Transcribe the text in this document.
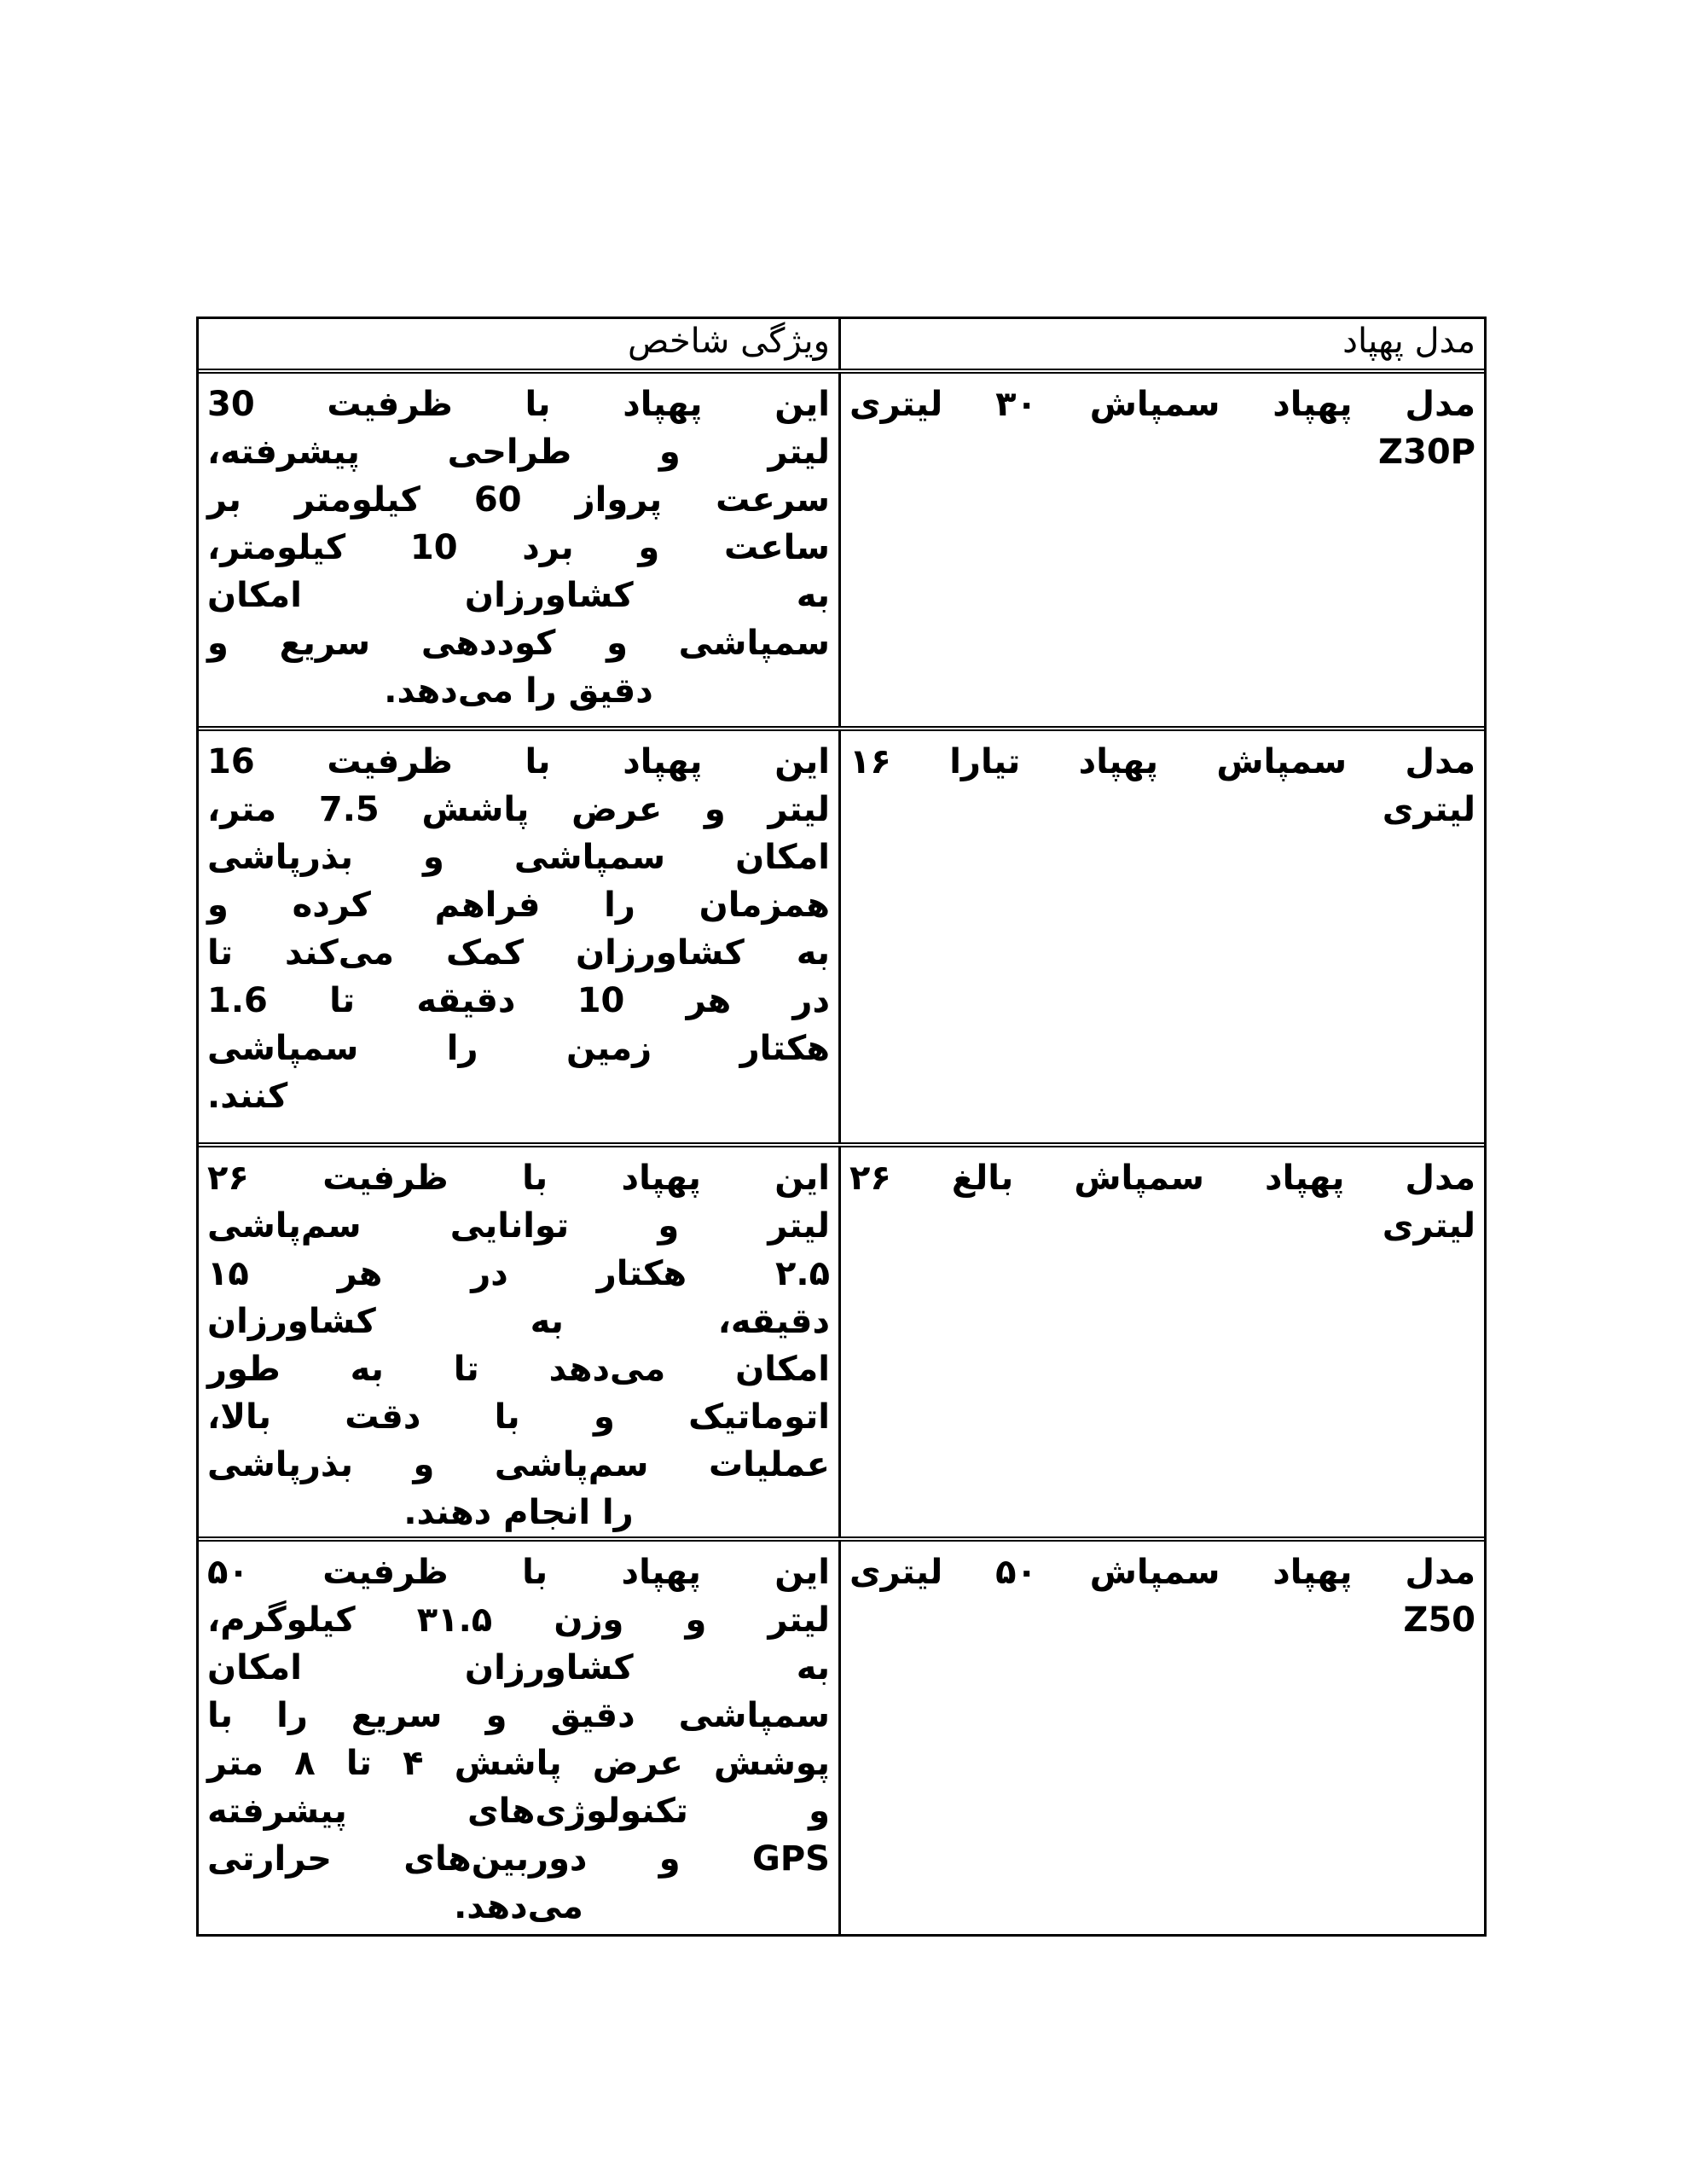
مدل پهپاد
ویژگی شاخص
مدل پهپاد سمپاش ۳۰ لیتری
Z30P
این پهپاد با ظرفیت 30
لیتر و طراحی پیشرفته،
سرعت پرواز 60 کیلومتر بر
ساعت و برد 10 کیلومتر،
به کشاورزان امکان
سمپاشی و کوددهی سریع و
دقیق را می‌دهد.
مدل سمپاش پهپاد تیارا ۱۶
لیتری
این پهپاد با ظرفیت 16
لیتر و عرض پاشش 7.5 متر،
امکان سمپاشی و بذرپاشی
همزمان را فراهم کرده و
به کشاورزان کمک می‌کند تا
در هر 10 دقیقه تا 1.6
هکتار زمین را سمپاشی
کنند.
مدل پهپاد سمپاش بالغ ۲۶
لیتری
این پهپاد با ظرفیت ۲۶
لیتر و توانایی سم‌پاشی
۲.۵ هکتار در هر ۱۵
دقیقه، به کشاورزان
امکان می‌دهد تا به طور
اتوماتیک و با دقت بالا،
عملیات سم‌پاشی و بذرپاشی
را انجام دهند.
مدل پهپاد سمپاش ۵۰ لیتری
Z50
این پهپاد با ظرفیت ۵۰
لیتر و وزن ۳۱.۵ کیلوگرم،
به کشاورزان امکان
سمپاشی دقیق و سریع را با
پوشش عرض پاشش ۴ تا ۸ متر
و تکنولوژی‌های پیشرفته
GPS و دوربین‌های حرارتی
می‌دهد.
